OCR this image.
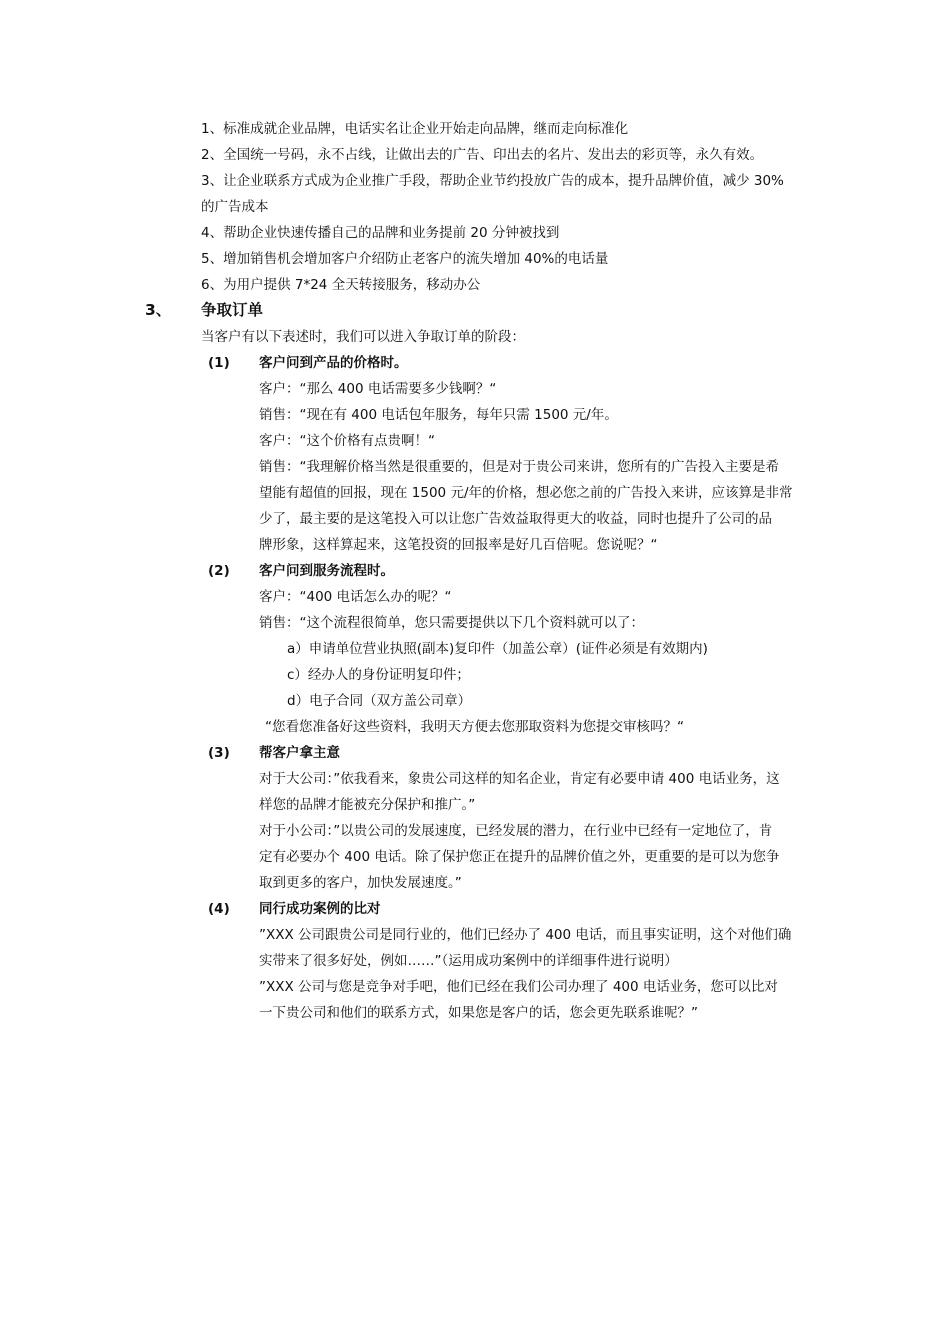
1、标准成就企业品牌，电话实名让企业开始走向品牌，继而走向标准化
2、全国统一号码，永不占线，让做出去的广告、印出去的名片、发出去的彩页等，永久有效。
3、让企业联系方式成为企业推广手段，帮助企业节约投放广告的成本，提升品牌价值，减少 30%
的广告成本
4、帮助企业快速传播自己的品牌和业务提前 20 分钟被找到
5、增加销售机会增加客户介绍防止老客户的流失增加 40%的电话量
6、为用户提供 7*24 全天转接服务，移动办公
3、 争取订单
当客户有以下表述时，我们可以进入争取订单的阶段：
(1) 客户问到产品的价格时。
客户：“那么 400 电话需要多少钱啊？“
销售：“现在有 400 电话包年服务，每年只需 1500 元/年。
客户：“这个价格有点贵啊！“
销售：“我理解价格当然是很重要的，但是对于贵公司来讲，您所有的广告投入主要是希
望能有超值的回报，现在 1500 元/年的价格，想必您之前的广告投入来讲，应该算是非常
少了，最主要的是这笔投入可以让您广告效益取得更大的收益，同时也提升了公司的品
牌形象，这样算起来，这笔投资的回报率是好几百倍呢。您说呢？“
(2) 客户问到服务流程时。
客户：“400 电话怎么办的呢？“
销售：“这个流程很简单，您只需要提供以下几个资料就可以了：
a）申请单位营业执照(副本)复印件（加盖公章）(证件必须是有效期内)
c）经办人的身份证明复印件；
d）电子合同（双方盖公司章）
“您看您准备好这些资料，我明天方便去您那取资料为您提交审核吗？“
(3) 帮客户拿主意
对于大公司：”依我看来，象贵公司这样的知名企业，肯定有必要申请 400 电话业务，这
样您的品牌才能被充分保护和推广。”
对于小公司：”以贵公司的发展速度，已经发展的潜力，在行业中已经有一定地位了，肯
定有必要办个 400 电话。除了保护您正在提升的品牌价值之外，更重要的是可以为您争
取到更多的客户，加快发展速度。”
(4) 同行成功案例的比对
”XXX 公司跟贵公司是同行业的，他们已经办了 400 电话，而且事实证明，这个对他们确
实带来了很多好处，例如……”（运用成功案例中的详细事件进行说明）
”XXX 公司与您是竞争对手吧，他们已经在我们公司办理了 400 电话业务，您可以比对
一下贵公司和他们的联系方式，如果您是客户的话，您会更先联系谁呢？”
